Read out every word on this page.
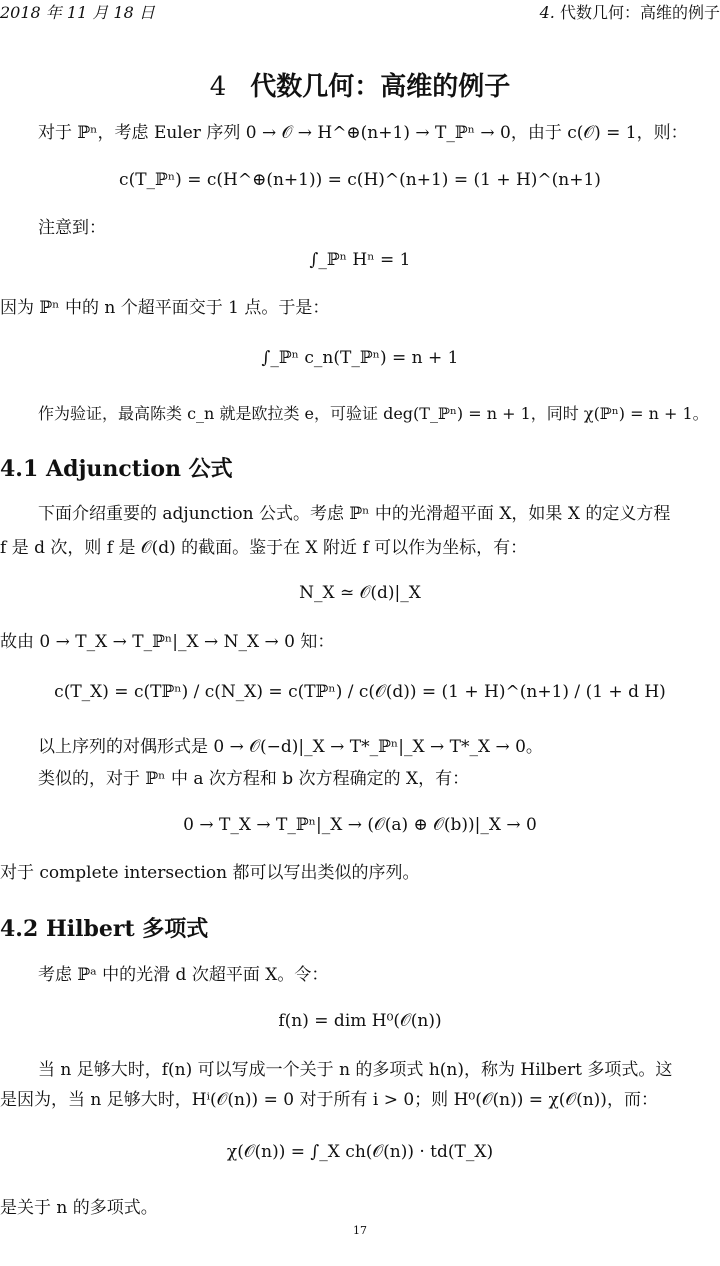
2018 年 11 月 18 日	4. 代数几何：高维的例子
4 代数几何：高维的例子
对于 ℙⁿ，考虑 Euler 序列 0 → 𝒪 → H^⊕(n+1) → T_ℙⁿ → 0，由于 c(𝒪) = 1，则：
c(T_ℙⁿ) = c(H^⊕(n+1)) = c(H)^(n+1) = (1 + H)^(n+1)
注意到：
∫_ℙⁿ Hⁿ = 1
因为 ℙⁿ 中的 n 个超平面交于 1 点。于是：
∫_ℙⁿ c_n(T_ℙⁿ) = n + 1
作为验证，最高陈类 c_n 就是欧拉类 e，可验证 deg(T_ℙⁿ) = n + 1，同时 χ(ℙⁿ) = n + 1。
4.1 Adjunction 公式
下面介绍重要的 adjunction 公式。考虑 ℙⁿ 中的光滑超平面 X，如果 X 的定义方程
f 是 d 次，则 f 是 𝒪(d) 的截面。鉴于在 X 附近 f 可以作为坐标，有：
N_X ≃ 𝒪(d)|_X
故由 0 → T_X → T_ℙⁿ|_X → N_X → 0 知：
c(T_X) = c(Tℙⁿ) / c(N_X) = c(Tℙⁿ) / c(𝒪(d)) = (1 + H)^(n+1) / (1 + d H)
以上序列的对偶形式是 0 → 𝒪(−d)|_X → T*_ℙⁿ|_X → T*_X → 0。
类似的，对于 ℙⁿ 中 a 次方程和 b 次方程确定的 X，有：
0 → T_X → T_ℙⁿ|_X → (𝒪(a) ⊕ 𝒪(b))|_X → 0
对于 complete intersection 都可以写出类似的序列。
4.2 Hilbert 多项式
考虑 ℙᵃ 中的光滑 d 次超平面 X。令：
f(n) = dim H⁰(𝒪(n))
当 n 足够大时，f(n) 可以写成一个关于 n 的多项式 h(n)，称为 Hilbert 多项式。这
是因为，当 n 足够大时，Hⁱ(𝒪(n)) = 0 对于所有 i > 0；则 H⁰(𝒪(n)) = χ(𝒪(n))，而：
χ(𝒪(n)) = ∫_X ch(𝒪(n)) · td(T_X)
是关于 n 的多项式。
17
